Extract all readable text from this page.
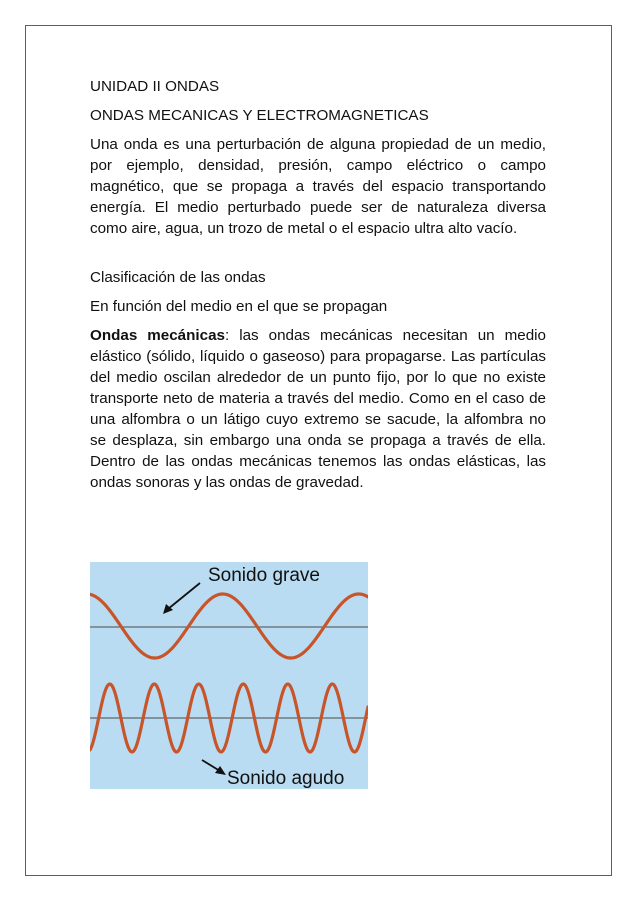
UNIDAD II ONDAS

ONDAS MECANICAS Y ELECTROMAGNETICAS

Una onda es una perturbación de alguna propiedad de un medio, por ejemplo, densidad, presión, campo eléctrico o campo magnético, que se propaga a través del espacio transportando energía. El medio perturbado puede ser de naturaleza diversa como aire, agua, un trozo de metal o el espacio ultra alto vacío.

Clasificación de las ondas

En función del medio en el que se propagan

Ondas mecánicas: las ondas mecánicas necesitan un medio elástico (sólido, líquido o gaseoso) para propagarse. Las partículas del medio oscilan alrededor de un punto fijo, por lo que no existe transporte neto de materia a través del medio. Como en el caso de una alfombra o un látigo cuyo extremo se sacude, la alfombra no se desplaza, sin embargo una onda se propaga a través de ella. Dentro de las ondas mecánicas tenemos las ondas elásticas, las ondas sonoras y las ondas de gravedad.

Sonido grave
Sonido agudo
